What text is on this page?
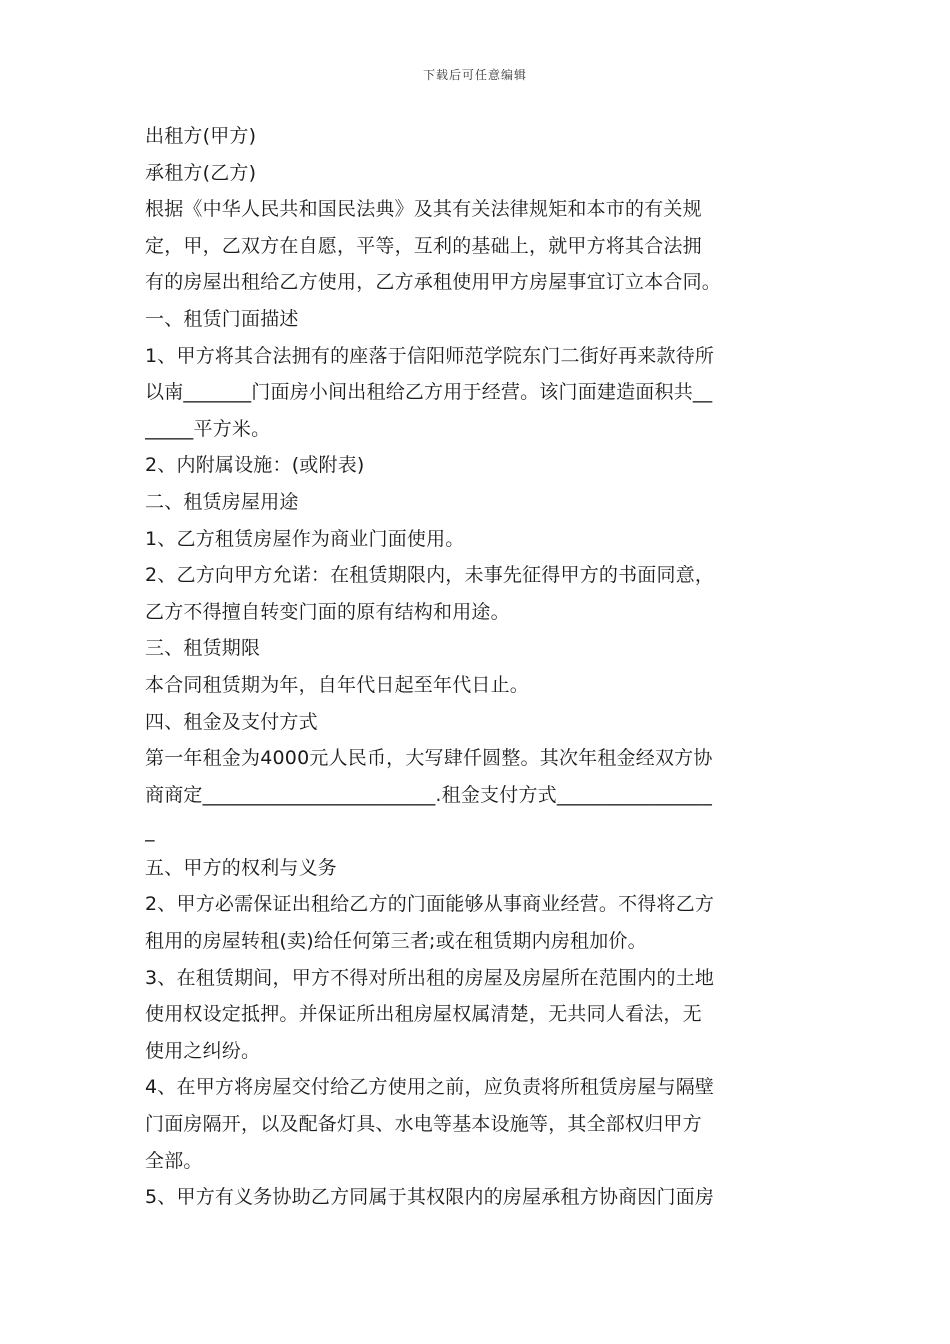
下载后可任意编辑
出租方(甲方)
承租方(乙方)
根据《中华人民共和国民法典》及其有关法律规矩和本市的有关规
定，甲，乙双方在自愿，平等，互利的基础上，就甲方将其合法拥
有的房屋出租给乙方使用，乙方承租使用甲方房屋事宜订立本合同。
一、租赁门面描述
1、甲方将其合法拥有的座落于信阳师范学院东门二街好再来款待所
以南_______门面房小间出租给乙方用于经营。该门面建造面积共__
_____平方米。
2、内附属设施：(或附表)
二、租赁房屋用途
1、乙方租赁房屋作为商业门面使用。
2、乙方向甲方允诺：在租赁期限内，未事先征得甲方的书面同意，
乙方不得擅自转变门面的原有结构和用途。
三、租赁期限
本合同租赁期为年，自年代日起至年代日止。
四、租金及支付方式
第一年租金为4000元人民币，大写肆仟圆整。其次年租金经双方协
商商定________________________.租金支付方式________________
_
五、甲方的权利与义务
2、甲方必需保证出租给乙方的门面能够从事商业经营。不得将乙方
租用的房屋转租(卖)给任何第三者;或在租赁期内房租加价。
3、在租赁期间，甲方不得对所出租的房屋及房屋所在范围内的土地
使用权设定抵押。并保证所出租房屋权属清楚，无共同人看法，无
使用之纠纷。
4、在甲方将房屋交付给乙方使用之前，应负责将所租赁房屋与隔壁
门面房隔开，以及配备灯具、水电等基本设施等，其全部权归甲方
全部。
5、甲方有义务协助乙方同属于其权限内的房屋承租方协商因门面房
